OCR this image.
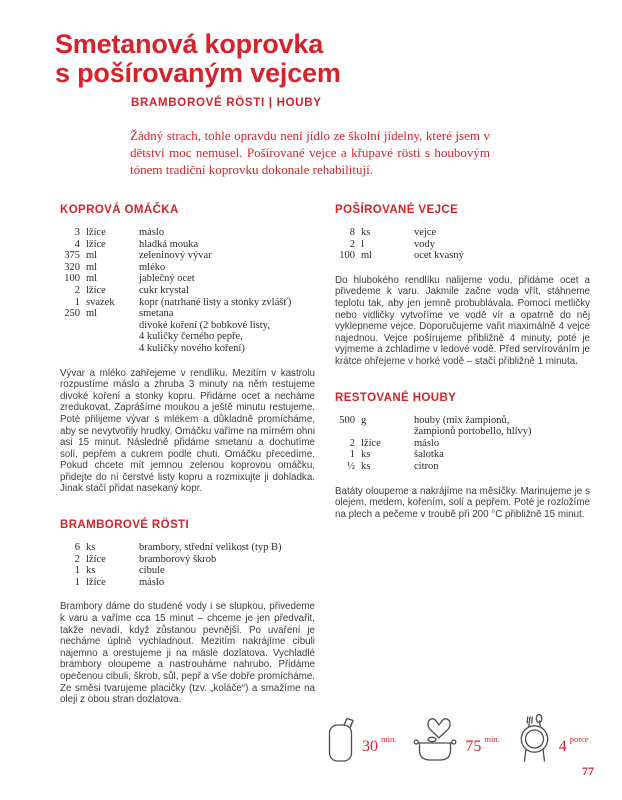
Smetanová koprovka
s pošírovaným vejcem
BRAMBOROVÉ RÖSTI | HOUBY

Žádný strach, tohle opravdu není jídlo ze školní jídelny, které jsem v dětství moc nemusel. Pošírované vejce a křupavé rösti s houbovým tónem tradiční koprovku dokonale rehabilitují.

KOPROVÁ OMÁČKA
3 lžíce	máslo
4 lžíce	hladká mouka
375 ml	zeleninový vývar
320 ml	mléko
100 ml	jablečný ocet
2 lžíce	cukr krystal
1 svazek	kopr (natrhané listy a stonky zvlášť)
250 ml	smetana
divoké koření (2 bobkové listy,
4 kuličky černého pepře,
4 kuličky nového koření)

Vývar a mléko zahřejeme v rendlíku. Mezitím v kastrolu rozpustíme máslo a zhruba 3 minuty na něm restujeme divoké koření a stonky kopru. Přidáme ocet a necháme zredukovat. Zaprášíme moukou a ještě minutu restujeme. Poté přilijeme vývar s mlékem a důkladně promícháme, aby se nevytvořily hrudky. Omáčku vaříme na mírném ohni asi 15 minut. Následně přidáme smetanu a dochutíme solí, pepřem a cukrem podle chuti. Omáčku přecedíme. Pokud chcete mít jemnou zelenou koprovou omáčku, přidejte do ní čerstvé listy kopru a rozmixujte ji dohladka. Jinak stačí přidat nasekaný kopr.

BRAMBOROVÉ RÖSTI
6 ks	brambory, střední velikost (typ B)
2 lžíce	bramborový škrob
1 ks	cibule
1 lžíce	máslo

Brambory dáme do studené vody i se slupkou, přivedeme k varu a vaříme cca 15 minut – chceme je jen předvařit, takže nevadí, když zůstanou pevnější. Po uvaření je necháme úplně vychladnout. Mezitím nakrájíme cibuli najemno a orestujeme ji na másle dozlatova. Vychladlé brambory oloupeme a nastrouháme nahrubo. Přidáme opečenou cibuli, škrob, sůl, pepř a vše dobře promícháme. Ze směsi tvarujeme placičky (tzv. „koláče“) a smažíme na oleji z obou stran dozlatova.

POŠÍROVANÉ VEJCE
8 ks	vejce
2 l	vody
100 ml	ocet kvasný

Do hlubokého rendlíku nalijeme vodu, přidáme ocet a přivedeme k varu. Jakmile začne voda vřít, stáhneme teplotu tak, aby jen jemně probublávala. Pomocí metličky nebo vidličky vytvoříme ve vodě vír a opatrně do něj vyklepneme vejce. Doporučujeme vařit maximálně 4 vejce najednou. Vejce pošírujeme přibližně 4 minuty, poté je vyjmeme a zchladíme v ledové vodě. Před servírováním je krátce ohřejeme v horké vodě – stačí přibližně 1 minuta.

RESTOVANÉ HOUBY
500 g	houby (mix žampionů,
žampionů portobello, hlívy)
2 lžíce	máslo
1 ks	šalotka
½ ks	citron

Batáty oloupeme a nakrájíme na měsíčky. Marinujeme je s olejem, medem, kořením, solí a pepřem. Poté je rozložíme na plech a pečeme v troubě při 200 °C přibližně 15 minut.

30 min.	75 min.	4 porce
77
